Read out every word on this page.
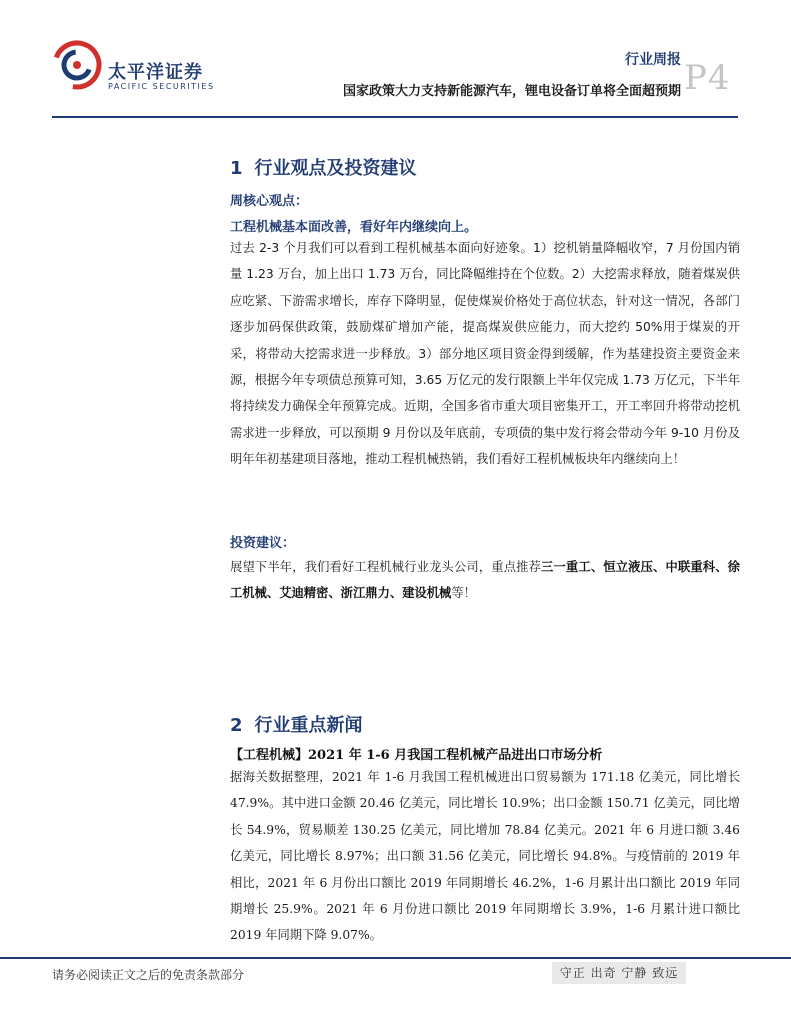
太平洋证券
PACIFIC SECURITIES
行业周报
国家政策大力支持新能源汽车，锂电设备订单将全面超预期 P4
1 行业观点及投资建议
周核心观点：
工程机械基本面改善，看好年内继续向上。
过去 2-3 个月我们可以看到工程机械基本面向好迹象。1）挖机销量降幅收窄，7 月份国内销量 1.23 万台，加上出口 1.73 万台，同比降幅维持在个位数。2）大挖需求释放，随着煤炭供应吃紧、下游需求增长，库存下降明显，促使煤炭价格处于高位状态，针对这一情况，各部门逐步加码保供政策，鼓励煤矿增加产能，提高煤炭供应能力，而大挖约 50%用于煤炭的开采，将带动大挖需求进一步释放。3）部分地区项目资金得到缓解，作为基建投资主要资金来源，根据今年专项债总预算可知，3.65 万亿元的发行限额上半年仅完成 1.73 万亿元，下半年将持续发力确保全年预算完成。近期，全国多省市重大项目密集开工，开工率回升将带动挖机需求进一步释放，可以预期 9 月份以及年底前，专项债的集中发行将会带动今年 9-10 月份及明年年初基建项目落地，推动工程机械热销，我们看好工程机械板块年内继续向上！
投资建议：
展望下半年，我们看好工程机械行业龙头公司，重点推荐三一重工、恒立液压、中联重科、徐工机械、艾迪精密、浙江鼎力、建设机械等！
2 行业重点新闻
【工程机械】2021 年 1-6 月我国工程机械产品进出口市场分析
据海关数据整理，2021 年 1-6 月我国工程机械进出口贸易额为 171.18 亿美元，同比增长 47.9%。其中进口金额 20.46 亿美元，同比增长 10.9%；出口金额 150.71 亿美元，同比增长 54.9%，贸易顺差 130.25 亿美元，同比增加 78.84 亿美元。2021 年 6 月进口额 3.46 亿美元，同比增长 8.97%；出口额 31.56 亿美元，同比增长 94.8%。与疫情前的 2019 年相比，2021 年 6 月份出口额比 2019 年同期增长 46.2%，1-6 月累计出口额比 2019 年同期增长 25.9%。2021 年 6 月份进口额比 2019 年同期增长 3.9%，1-6 月累计进口额比 2019 年同期下降 9.07%。
请务必阅读正文之后的免责条款部分	守正 出奇 宁静 致远
